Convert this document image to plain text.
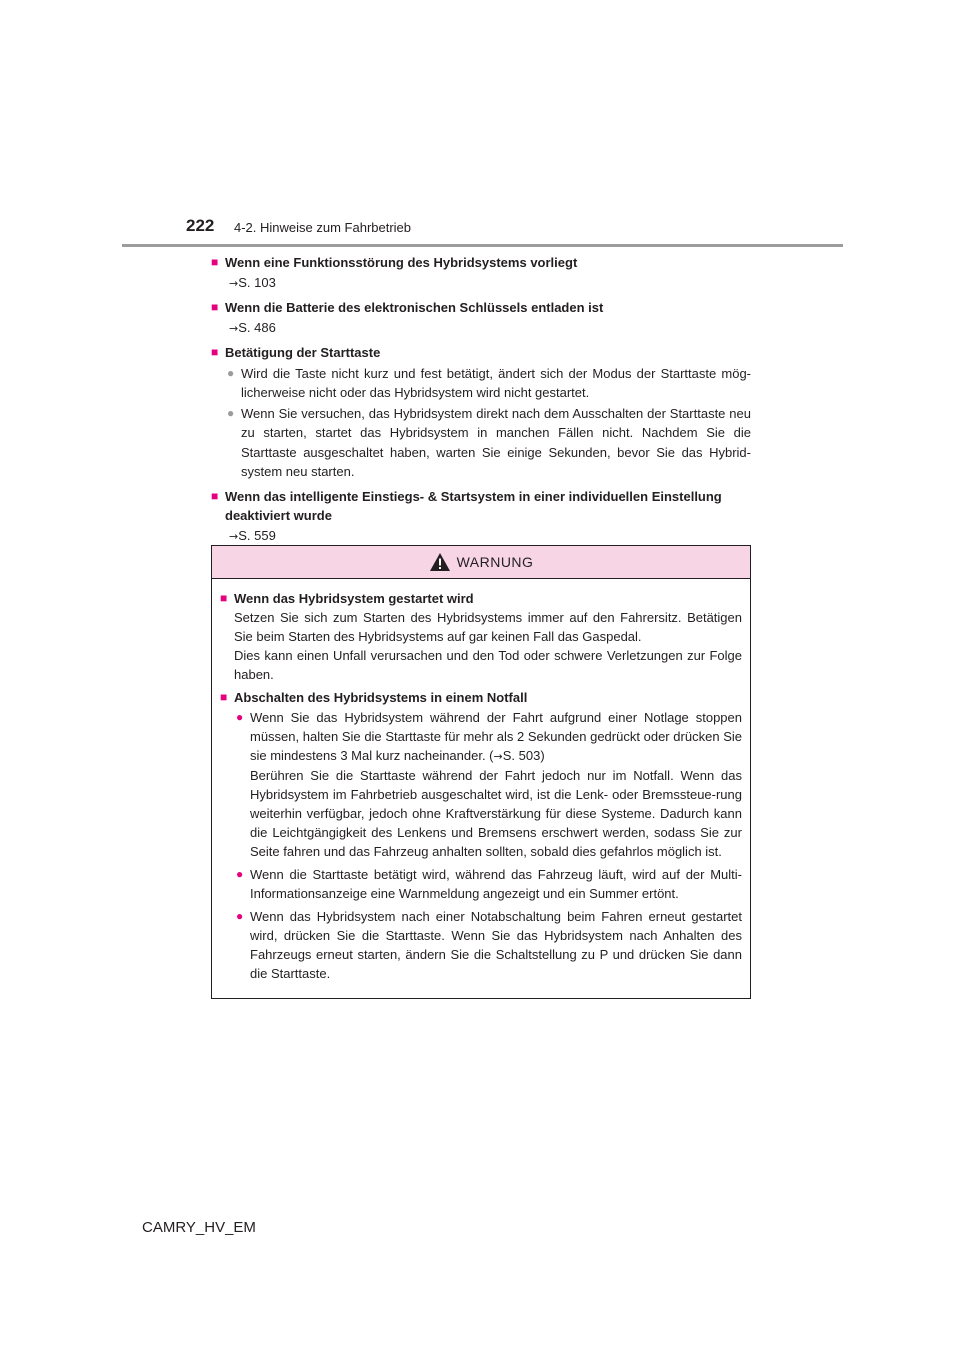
222 4-2. Hinweise zum Fahrbetrieb
■ Wenn eine Funktionsstörung des Hybridsystems vorliegt
→S. 103
■ Wenn die Batterie des elektronischen Schlüssels entladen ist
→S. 486
■ Betätigung der Starttaste
● Wird die Taste nicht kurz und fest betätigt, ändert sich der Modus der Starttaste mög-licherweise nicht oder das Hybridsystem wird nicht gestartet.
● Wenn Sie versuchen, das Hybridsystem direkt nach dem Ausschalten der Starttaste neu zu starten, startet das Hybridsystem in manchen Fällen nicht. Nachdem Sie die Starttaste ausgeschaltet haben, warten Sie einige Sekunden, bevor Sie das Hybrid-system neu starten.
■ Wenn das intelligente Einstiegs- & Startsystem in einer individuellen Einstellung deaktiviert wurde
→S. 559
WARNUNG
■ Wenn das Hybridsystem gestartet wird
Setzen Sie sich zum Starten des Hybridsystems immer auf den Fahrersitz. Betätigen Sie beim Starten des Hybridsystems auf gar keinen Fall das Gaspedal.
Dies kann einen Unfall verursachen und den Tod oder schwere Verletzungen zur Folge haben.
■ Abschalten des Hybridsystems in einem Notfall
● Wenn Sie das Hybridsystem während der Fahrt aufgrund einer Notlage stoppen müssen, halten Sie die Starttaste für mehr als 2 Sekunden gedrückt oder drücken Sie sie mindestens 3 Mal kurz nacheinander. (→S. 503)
Berühren Sie die Starttaste während der Fahrt jedoch nur im Notfall. Wenn das Hybridsystem im Fahrbetrieb ausgeschaltet wird, ist die Lenk- oder Bremssteue-rung weiterhin verfügbar, jedoch ohne Kraftverstärkung für diese Systeme. Dadurch kann die Leichtgängigkeit des Lenkens und Bremsens erschwert werden, sodass Sie zur Seite fahren und das Fahrzeug anhalten sollten, sobald dies gefahrlos möglich ist.
● Wenn die Starttaste betätigt wird, während das Fahrzeug läuft, wird auf der Multi-Informationsanzeige eine Warnmeldung angezeigt und ein Summer ertönt.
● Wenn das Hybridsystem nach einer Notabschaltung beim Fahren erneut gestartet wird, drücken Sie die Starttaste. Wenn Sie das Hybridsystem nach Anhalten des Fahrzeugs erneut starten, ändern Sie die Schaltstellung zu P und drücken Sie dann die Starttaste.
CAMRY_HV_EM
